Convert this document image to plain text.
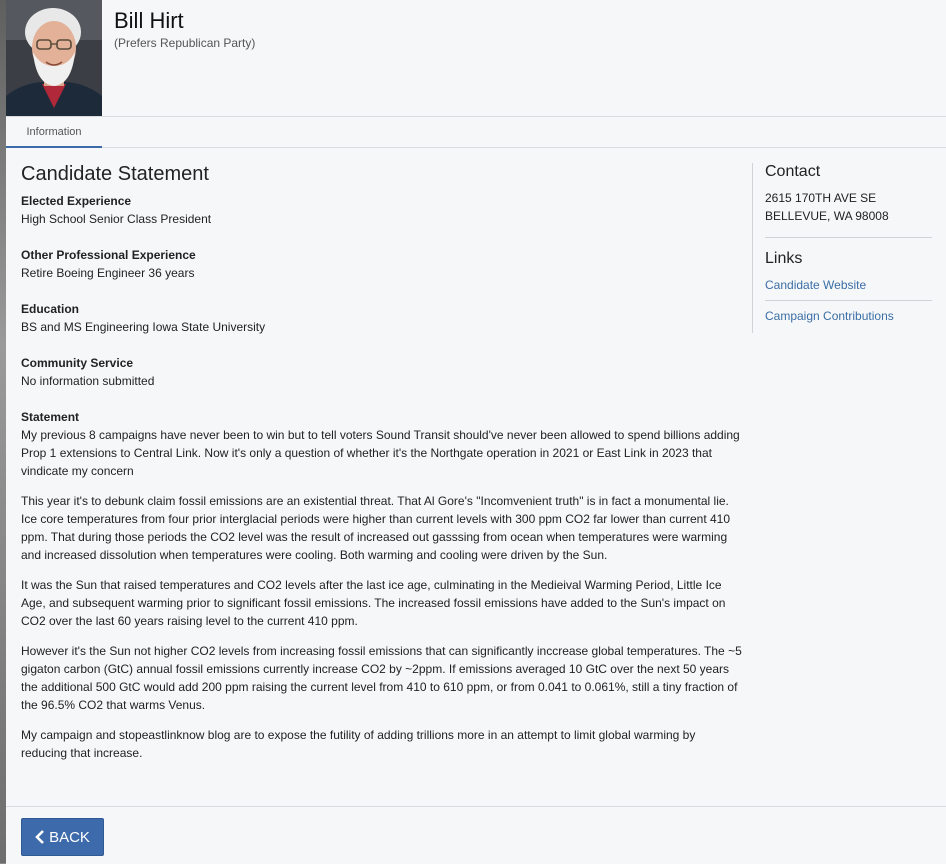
Bill Hirt
(Prefers Republican Party)
Information
Candidate Statement

Elected Experience

High School Senior Class President

Other Professional Experience

Retire Boeing Engineer 36 years

Education

BS and MS Engineering Iowa State University

Community Service

No information submitted

Statement

My previous 8 campaigns have never been to win but to tell voters Sound Transit should've never been allowed to spend billions adding Prop 1 extensions to Central Link. Now it's only a question of whether it's the Northgate operation in 2021 or East Link in 2023 that vindicate my concern

This year it's to debunk claim fossil emissions are an existential threat. That Al Gore's "Incomvenient truth" is in fact a monumental lie. Ice core temperatures from four prior interglacial periods were higher than current levels with 300 ppm CO2 far lower than current 410 ppm. That during those periods the CO2 level was the result of increased out gasssing from ocean when temperatures were warming and increased dissolution when temperatures were cooling. Both warming and cooling were driven by the Sun.

It was the Sun that raised temperatures and CO2 levels after the last ice age, culminating in the Medieival Warming Period, Little Ice Age, and subsequent warming prior to significant fossil emissions. The increased fossil emissions have added to the Sun's impact on CO2 over the last 60 years raising level to the current 410 ppm.

However it's the Sun not higher CO2 levels from increasing fossil emissions that can significantly inccrease global temperatures. The ~5 gigaton carbon (GtC) annual fossil emissions currently increase CO2 by ~2ppm. If emissions averaged 10 GtC over the next 50 years the additional 500 GtC would add 200 ppm raising the current level from 410 to 610 ppm, or from 0.041 to 0.061%, still a tiny fraction of the 96.5% CO2 that warms Venus.

My campaign and stopeastlinknow blog are to expose the futility of adding trillions more in an attempt to limit global warming by reducing that increase.

Contact
2615 170TH AVE SE
BELLEVUE, WA 98008
Links
Candidate Website
Campaign Contributions
BACK
